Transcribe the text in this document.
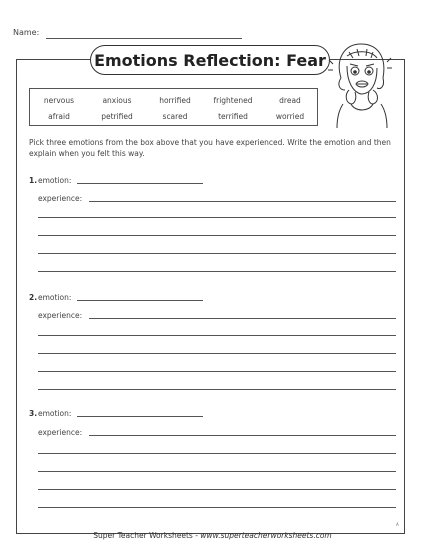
Name:
Emotions Reflection: Fear
nervous	anxious	horrified	frightened	dread
afraid	petrified	scared	terrified	worried
Pick three emotions from the box above that you have experienced. Write the emotion and then explain when you felt this way.
1. emotion:
experience:
2. emotion:
experience:
3. emotion:
experience:
Super Teacher Worksheets - www.superteacherworksheets.com
A
